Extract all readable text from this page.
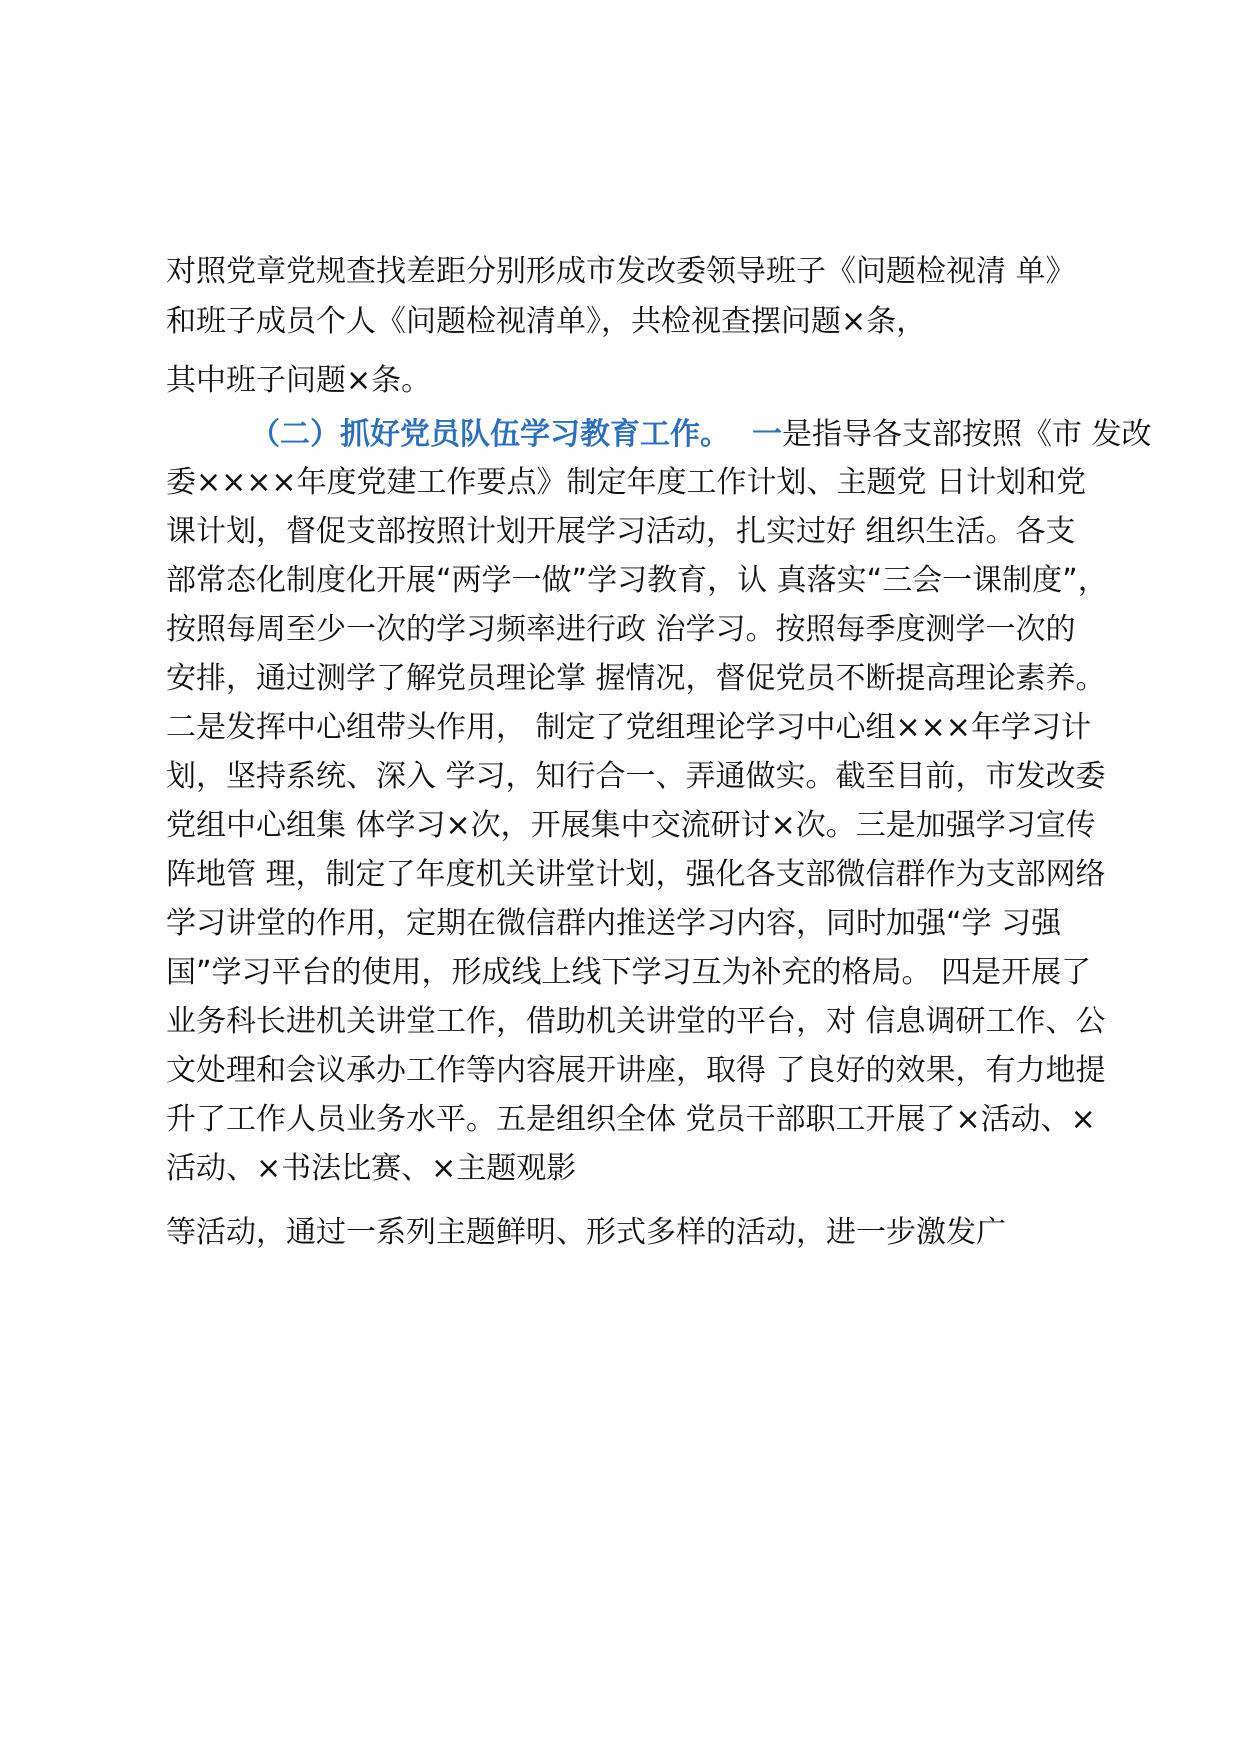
对照党章党规查找差距分别形成市发改委领导班子《问题检视清 单》
和班子成员个人《问题检视清单》，共检视查摆问题×条，
其中班子问题×条。
（二）抓好党员队伍学习教育工作。 一是指导各支部按照《市 发改
委××××年度党建工作要点》制定年度工作计划、主题党 日计划和党
课计划，督促支部按照计划开展学习活动，扎实过好 组织生活。各支
部常态化制度化开展“两学一做”学习教育，认 真落实“三会一课制度”，
按照每周至少一次的学习频率进行政 治学习。按照每季度测学一次的
安排，通过测学了解党员理论掌 握情况，督促党员不断提高理论素养。
二是发挥中心组带头作用， 制定了党组理论学习中心组×××年学习计
划，坚持系统、深入 学习，知行合一、弄通做实。截至目前，市发改委
党组中心组集 体学习×次，开展集中交流研讨×次。三是加强学习宣传
阵地管 理，制定了年度机关讲堂计划，强化各支部微信群作为支部网络
学习讲堂的作用，定期在微信群内推送学习内容，同时加强“学 习强
国”学习平台的使用，形成线上线下学习互为补充的格局。 四是开展了
业务科长进机关讲堂工作，借助机关讲堂的平台，对 信息调研工作、公
文处理和会议承办工作等内容展开讲座，取得 了良好的效果，有力地提
升了工作人员业务水平。五是组织全体 党员干部职工开展了×活动、×
活动、×书法比赛、×主题观影
等活动，通过一系列主题鲜明、形式多样的活动，进一步激发广
